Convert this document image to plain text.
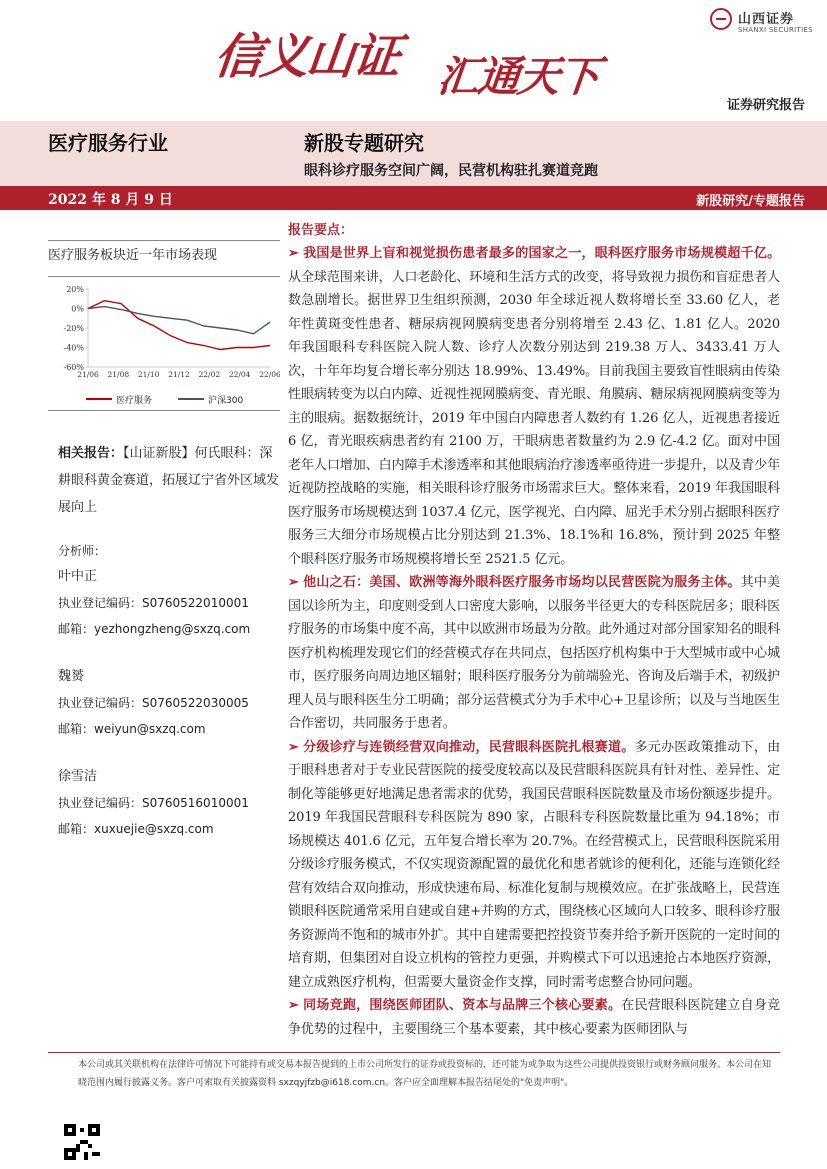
山西证券
SHANXI SECURITIES
信义山证 汇通天下
证券研究报告
医疗服务行业	新股专题研究
眼科诊疗服务空间广阔，民营机构驻扎赛道竞跑
2022 年 8 月 9 日	新股研究/专题报告
医疗服务板块近一年市场表现
20%
0%
-20%
-40%
-60%
21/06 21/08 21/10 21/12 22/02 22/04 22/06
医疗服务	沪深300
相关报告：【山证新股】何氏眼科：深耕眼科黄金赛道，拓展辽宁省外区域发展向上
分析师：
叶中正
执业登记编码：S0760522010001
邮箱：yezhongzheng@sxzq.com
魏赟
执业登记编码：S0760522030005
邮箱：weiyun@sxzq.com
徐雪洁
执业登记编码：S0760516010001
邮箱：xuxuejie@sxzq.com
报告要点：

➢ 我国是世界上盲和视觉损伤患者最多的国家之一，眼科医疗服务市场规模超千亿。从全球范围来讲，人口老龄化、环境和生活方式的改变，将导致视力损伤和盲症患者人数急剧增长。据世界卫生组织预测，2030 年全球近视人数将增长至 33.60 亿人，老年性黄斑变性患者、糖尿病视网膜病变患者分别将增至 2.43 亿、1.81 亿人。2020 年我国眼科专科医院入院人数、诊疗人次数分别达到 219.38 万人、3433.41 万人次，十年年均复合增长率分别达 18.99%、13.49%。目前我国主要致盲性眼病由传染性眼病转变为以白内障、近视性视网膜病变、青光眼、角膜病、糖尿病视网膜病变等为主的眼病。据数据统计，2019 年中国白内障患者人数约有 1.26 亿人，近视患者接近 6 亿，青光眼疾病患者约有 2100 万，干眼病患者数量约为 2.9 亿-4.2 亿。面对中国老年人口增加、白内障手术渗透率和其他眼病治疗渗透率亟待进一步提升，以及青少年近视防控战略的实施，相关眼科诊疗服务市场需求巨大。整体来看，2019 年我国眼科医疗服务市场规模达到 1037.4 亿元，医学视光、白内障、屈光手术分别占据眼科医疗服务三大细分市场规模占比分别达到 21.3%、18.1%和 16.8%，预计到 2025 年整个眼科医疗服务市场规模将增长至 2521.5 亿元。

➢ 他山之石：美国、欧洲等海外眼科医疗服务市场均以民营医院为服务主体。其中美国以诊所为主，印度则受到人口密度大影响，以服务半径更大的专科医院居多；眼科医疗服务的市场集中度不高，其中以欧洲市场最为分散。此外通过对部分国家知名的眼科医疗机构梳理发现它们的经营模式存在共同点，包括医疗机构集中于大型城市或中心城市，医疗服务向周边地区辐射；眼科医疗服务分为前端验光、咨询及后端手术，初级护理人员与眼科医生分工明确；部分运营模式分为手术中心+卫星诊所；以及与当地医生合作密切，共同服务于患者。

➢ 分级诊疗与连锁经营双向推动，民营眼科医院扎根赛道。多元办医政策推动下，由于眼科患者对于专业民营医院的接受度较高以及民营眼科医院具有针对性、差异性、定制化等能够更好地满足患者需求的优势，我国民营眼科医院数量及市场份额逐步提升。2019 年我国民营眼科专科医院为 890 家，占眼科专科医院数量比重为 94.18%；市场规模达 401.6 亿元，五年复合增长率为 20.7%。在经营模式上，民营眼科医院采用分级诊疗服务模式，不仅实现资源配置的最优化和患者就诊的便利化，还能与连锁化经营有效结合双向推动，形成快速布局、标准化复制与规模效应。在扩张战略上，民营连锁眼科医院通常采用自建或自建+并购的方式，围绕核心区域向人口较多、眼科诊疗服务资源尚不饱和的城市外扩。其中自建需要把控投资节奏并给予新开医院的一定时间的培育期，但集团对自设立机构的管控力更强，并购模式下可以迅速抢占本地医疗资源，建立成熟医疗机构，但需要大量资金作支撑，同时需考虑整合协同问题。

➢ 同场竞跑，围绕医师团队、资本与品牌三个核心要素。在民营眼科医院建立自身竞争优势的过程中，主要围绕三个基本要素，其中核心要素为医师团队与

本公司或其关联机构在法律许可情况下可能持有或交易本报告提到的上市公司所发行的证券或投资标的，还可能为或争取为这些公司提供投资银行或财务顾问服务。本公司在知晓范围内履行披露义务。客户可索取有关披露资料 sxzqyjfzb@i618.com.cn。客户应全面理解本报告结尾处的"免责声明"。
